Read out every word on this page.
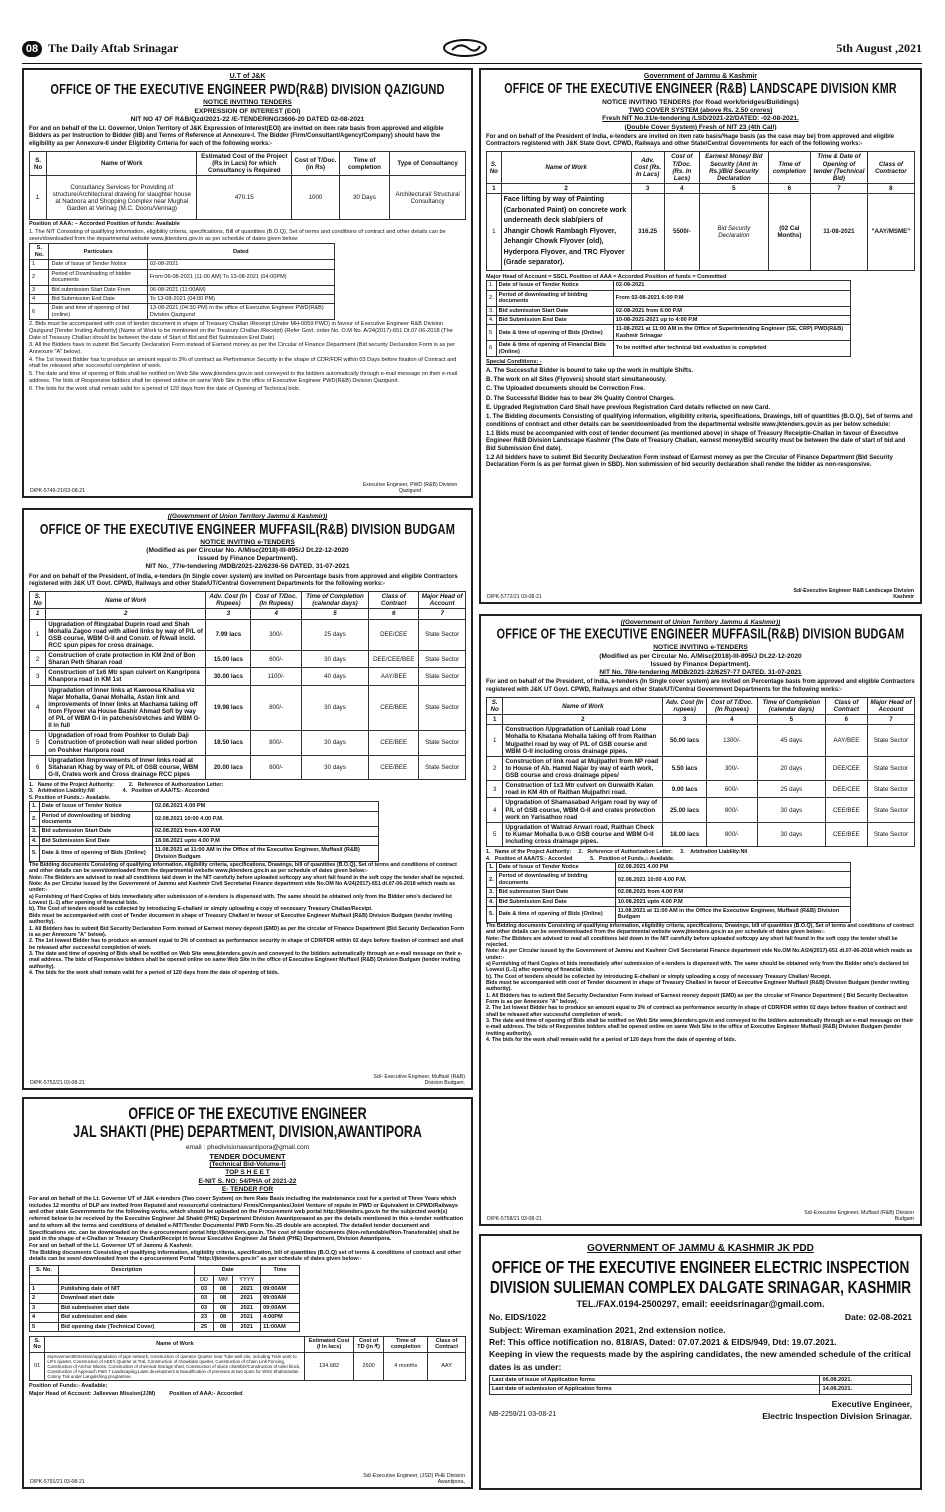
08 The Daily Aftab Srinagar	5th August ,2021
U.T of J&K
OFFICE OF THE EXECUTIVE ENGINEER PWD(R&B) DIVISION QAZIGUND
NOTICE INVITING TENDERS
EXPRESSION OF INTEREST (EOI)
NIT NO 47 OF R&B/Qzd/2021-22 /E-TENDERING/3606-20 DATED 02-08-2021
For and on behalf of the Lt. Governor, Union Territory of J&K Expression of Interest(EOI) are invited on item rate basis from approved and eligible Bidders as per Instruction to Bidder (IIB) and Terms of Reference at Annexure-I. The Bidder (Firm/Consultant/Agency/Company) should have the eligibility as per Annexure-II under Eligibility Criteria for each of the following works:-
S. No	Name of Work	Estimated Cost of the Project (Rs in Lacs) for which Consultancy is Required	Cost of T/Doc. (in Rs)	Time of completion	Type of Consultancy
1.	Consultancy Services for Providing of structure/Architectural drawing for slaughter house at Nadoora and Shopping Complex near Mughal Garden at Verinag (M.C. Dooru/Verinag)	470.15	1000	30 Days	Architectural/ Structural Consultancy
Position of AAA: – Accorded Position of funds: Available
1. The NIT Consisting of qualifying information, eligibility criteria, specifications, Bill of quantities (B.O.Q), Set of terms and conditions of contract and other details can be seen/downloaded from the departmental website www.jktenders.gov.in as per schedule of dates given below:
S. No.	Particulars	Dated
1	Date of Issue of Tender Notice	02-08-2021
2	Period of Downloading of bidder documents	From 06-08-2021 (11:00 AM) To 13-08-2021 (04:00PM)
3	Bid submission Start Date From	06-08-2021 (11:00AM)
4	Bid Submission End Date	To 13-08-2021 (04:00 PM)
6	Date and time of opening of bid (online)	13-08-2021 (04:30 PM) In the office of Executive Engineer PWD(R&B) Division Qazigund
2. Bids must be accompanied with cost of tender document in shape of Treasury Challan /Receipt (Under MH-0059 PWD) in favour of Executive Engineer R&B Division Qazigund [Tender Inviting Authority] (Name of Work to be mentioned on the Treasury Challan /Receipt) (Refer Govt. order No. O.M No. A/24(2017)-651 Dt.07-06-2018 (The Date of Treasury Challan should be between the date of Start of Bid and Bid Submission End Date).
3. All the Bidders have to submit Bid Security Declaration Form instead of Earnest money as per the Circular of Finance Department (Bid security Declaration Form is as per Annexure "A" below).
4. The 1st lowest Bidder has to produce an amount equal to 3% of contract as Performance Security in the shape of CDR/FDR within 03 Days before fixation of Contract and shall be released after successful completion of work.
5. The date and time of opening of Bids shall be notified on Web Site www.jktenders.gov.in and conveyed to the bidders automatically through e-mail message on their e-mail address. The bids of Responsive bidders shall be opened online on same Web Site in the office of Executive Engineer PWD(R&B) Division Qazigund.
6. The bids for the work shall remain valid for a period of 120 days from the date of Opening of Technical bids.
Executive Engineer, PWD (R&B) Division Qazigund
DIPK-5749-21/03-08-21
Government of Jammu & Kashmir
OFFICE OF THE EXECUTIVE ENGINEER (R&B) LANDSCAPE DIVISION KMR
NOTICE INVITING TENDERS (for Road work/bridges/Buildings)
TWO COVER SYSTEM (above Rs. 2.50 crores)
Fresh NIT No.31/e-tendering /LSD/2021-22/DATED: -02-08-2021.
(Double Cover System) Fresh of NIT 23 (4th Call)
For and on behalf of the President of India, e-tenders are invited on item rate basis/%age basis (as the case may be) from approved and eligible Contractors registered with J&K State Govt. CPWD, Railways and other State/Central Governments for each of the following works:-
S. No	Name of Work	Adv. Cost (Rs. In Lacs)	Cost of T/Doc. (Rs. In Lacs)	Earnest Money/ Bid Security (Amt in Rs.)/Bid Security Declaration	Time of completion	Time & Date of Opening of tender (Technical Bid)	Class of Contractor
1	2	3	4	5	6	7	8
1	Face lifting by way of Painting (Carbonated Paint) on concrete work underneath deck slab/piers of Jhangir Chowk Rambagh Flyover, Jehangir Chowk Flyover (old), Hyderpora Flyover, and TRC Flyover (Grade separator).	316.25	5500/-	Bid Security Declaration	(02 Cal Months)	11-08-2021	"AAY/MSME"
Major Head of Account = SSCL Position of AAA = Accorded Position of funds = Committed
1.	Date of Issue of Tender Notice	02-08-2021
2.	Period of downloading of bidding documents	From 02-08-2021 6:00 P.M
3.	Bid submission Start Date	02-08-2021 from 6:00 P.M
4.	Bid Submission End Date	10-08-2021-2021 up to 4:00 P.M
5	Date & time of opening of Bids (Online)	11-08-2021 at 11:00 AM in the Office of Superintending Engineer (SE, CRP) PWD(R&B) Kashmir Srinagar
6	Date & time of opening of Financial Bids (Online)	To be notified after technical bid evaluation is completed
Special Conditions: -
A. The Successful Bidder is bound to take up the work in multiple Shifts.
B. The work on all Sites (Flyovers) should start simultaneously.
C. The Uploaded documents should be Correction Free.
D. The Successful Bidder has to bear 3% Quality Control Charges.
E. Upgraded Registration Card Shall have previous Registration Card details reflected on new Card.
1. The Bidding documents Consisting of qualifying information, eligibility criteria, specifications, Drawings, bill of quantities (B.O.Q), Set of terms and conditions of contract and other details can be seen/downloaded from the departmental website www.jktenders.gov.in as per below schedule:
1.1 Bids must be accompanied with cost of tender document (as mentioned above) in shape of Treasury Receipt/e-Challan in favour of Executive Engineer R&B Division Landscape Kashmir (The Date of Treasury Challan, earnest money/Bid security must be between the date of start of bid and Bid Submission End date).
1.2 All bidders have to submit Bid Security Declaration Form instead of Earnest money as per the Circular of Finance Department (Bid Security Declaration Form is as per format given in SBD). Non submission of bid security declaration shall render the bidder as non-responsive.
Sd/-Executive Engineer R&B Landscape Division Kashmir
DIPK-5772/21 03-08-21
((Government of Union Territory Jammu & Kashmir))
OFFICE OF THE EXECUTIVE ENGINEER MUFFASIL(R&B) DIVISION BUDGAM
NOTICE INVITING e-TENDERS
(Modified as per Circular No. A/Misc(2018)-III-895/J Dt.22-12-2020
Issued by Finance Department).
NIT No._77/e-tendering /MDB/2021-22/6236-56 DATED. 31-07-2021
For and on behalf of the President, of India, e-tenders (In Single cover system) are invited on Percentage basis from approved and eligible Contractors registered with J&K UT Govt. CPWD, Railways and other State/UT/Central Government Departments for the following works:-
S. No	Name of Work	Adv. Cost (In Rupees)	Cost of T/Doc. (In Rupees)	Time of Completion (calendar days)	Class of Contract	Major Head of Account
1	2	3	4	5	6	7
1	Upgradation of Ringzabal Duprin road and Shah Mohalla Zagoo road with allied links by way of P/L of GSB course, WBM G-II and Constr. of R/wall incld. RCC spun pipes for cross drainage.	7.99 lacs	300/-	25 days	DEE/CEE	State Sector
2	Construction of crate protection in KM 2nd of Bon Sharan Peth Sharan road	15.00 lacs	600/-	30 days	DEE/CEE/BEE	State Sector
3	Construction of 1x6 Mtr span culvert on Kangripora Khanpora road in KM 1st	30.00 lacs	1100/-	40 days	AAY/BEE	State Sector
4	Upgradation of Inner links at Kawoosa Khalisa viz Najar Mohalla, Ganai Mohalla, Astan link and improvements of Inner links at Machama taking off from Flyover via House Bashir Ahmad Sofi by way of P/L of WBM G-I in patches/stretches and WBM G-II in full	19.98 lacs	800/-	30 days	CEE/BEE	State Sector
5	Upgradation of road from Poshker to Gulab Daji Construction of protection wall near slided portion on Poshker Haripora road	18.50 lacs	800/-	30 days	CEE/BEE	State Sector
6	Upgradation /Improvements of Inner links road at Sitaharan Khag by way of P/L of GSB course, WBM G-II, Crates work and Cross drainage RCC pipes	20.00 lacs	800/-	30 days	CEE/BEE	State Sector
1.   Name of the Project Authority:          2.   Reference of Authorization Letter:
3.   Arbitration Liability:Nil                   4.   Position of AAA/TS:- Accorded
5. Position of Funds.:- Available.
1.	Date of Issue of Tender Notice	02.08.2021 4.00 PM
2.	Period of downloading of bidding documents	02.08.2021 10:00 4.00 P.M.
3.	Bid submission Start Date	02.08.2021 from 4.00 P.M
4.	Bid Submission End Date	18.08.2021 upto 4.00 P.M
5.	Date & time of opening of Bids (Online)	11.08.2021 at 11:00 AM in the Office of the Executive Engineer, Muffasil (R&B) Division Budgam
The Bidding documents Consisting of qualifying information, eligibility criteria, specifications, Drawings, bill of quantities (B.O.Q), Set of terms and conditions of contract and other details can be seen/downloaded from the departmental website www.jktenders.gov.in as per schedule of dates given below:-
Note:-The Bidders are advised to read all conditions laid down in the NIT carefully before uploaded softcopy any short fall found in the soft copy the tender shall be rejected.
Note: As per Circular issued by the Government of Jammu and Kashmir Civil Secretariat Finance department vide No.OM No A/24(2017)-651 dt.07-06-2018 which reads as under:-
a) Furnishing of Hard Copies of bids immediately after submission of e-tenders is dispensed with. The same should be obtained only from the Bidder who's declared Ist Lowest (L-1) after opening of financial bids.
b). The Cost of tenders should be collected by introducing E-challan/ or simply uploading a copy of necessary Treasury Challan/Receipt.
Bids must be accompanied with cost of Tender document in shape of Treasury Challan/ in favour of Executive Engineer Muffasil (R&B) Division Budgam (tender inviting authority).
1. All Bidders has to submit Bid Security Declaration Form instead of Earnest money deposit (EMD) as per the circular of Finance Department (Bid Security Declaration Form is as per Annexure "A" below).
2. The 1st lowest Bidder has to produce an amount equal to 3% of contract as performance security in shape of CDR/FDR within 02 days before fixation of contract and shall be released after successful completion of work.
3. The date and time of opening of Bids shall be notified on Web Site www.jktenders.gov.in and conveyed to the bidders automatically through an e-mail message on their e-mail address. The bids of Responsive bidders shall be opened online on same Web Site in the office of Executive Engineer Muffasil (R&B) Division Budgam (tender inviting authority).
4. The bids for the work shall remain valid for a period of 120 days from the date of opening of bids.
Sd/- Executive Engineer, Muffasil (R&B) Division Budgam.
DIPK-5752/21 03-08-21
((Government of Union Territory Jammu & Kashmir))
OFFICE OF THE EXECUTIVE ENGINEER MUFFASIL(R&B) DIVISION BUDGAM
NOTICE INVITING e-TENDERS
(Modified as per Circular No. A/Misc(2018)-III-895/J Dt.22-12-2020
Issued by Finance Department).
NIT No. 78/e-tendering /MDB/2021-22/6257-77 DATED. 31-07-2021
For and on behalf of the President, of India, e-tenders (In Single cover system) are invited on Percentage basis from approved and eligible Contractors registered with J&K UT Govt. CPWD, Railways and other State/UT/Central Government Departments for the following works:-
S. No	Name of Work	Adv. Cost (In rupees)	Cost of T/Doc. (In Rupees)	Time of Completion (calendar days)	Class of Contract	Major Head of Account
1	2	3	4	5	6	7
1	Construction /Upgradation of Lanilab road Lone Mohalla to Khatana Mohalla taking off from Raithan Mujpathri road by way of P/L of GSB course and WBM G-II including cross drainage pipes.	50.00 lacs	1300/-	45 days	AAY/BEE	State Sector
2	Construction of link road at Mujipathri from NP road to House of Ab. Hamid Najar by way of earth work, GSB course and cross drainage pipes/	5.50 lacs	300/-	20 days	DEE/CEE	State Sector
3	Construction of 1x3 Mtr culvert on Gurwaith Kalan road in KM 4th of Raithan Mujpathri road.	9.00 lacs	600/-	25 days	DEE/CEE	State Sector
4	Upgradation of Shamasabad Arigam road by way of P/L of GSB course, WBM G-II and crates protection work on Yarisathoo road	25.00 lacs	800/-	30 days	CEE/BEE	State Sector
5	Upgradation of Watrad Arwari road, Raithan Check to Kumar Mohalla b.w.o GSB course and WBM G-II including cross drainage pipes.	18.00 lacs	800/-	30 days	CEE/BEE	State Sector
1.   Name of the Project Authority:     2.   Reference of Authorization Letter:     3.    Arbitration Liability:Nil
4.   Position of AAA/TS:- Accorded            5.   Position of Funds.:- Available.
1.	Date of Issue of Tender Notice	02.08.2021 4.00 PM
2.	Period of downloading of bidding documents	02.08.2021 10:00 4.00 P.M.
3.	Bid submission Start Date	02.08.2021 from 4.00 P.M
4.	Bid Submission End Date	10.08.2021 upto 4.00 P.M
5.	Date & time of opening of Bids (Online)	11.08.2021 at 11:00 AM in the Office the Executive Engineer, Muffasil (R&B) Division Budgam
The Bidding documents Consisting of qualifying information, eligibility criteria, specifications, Drawings, bill of quantities (B.O.Q), Set of terms and conditions of contract and other details can be seen/downloaded from the departmental website www.jktenders.gov.in as per schedule of dates given below:-
Note:-The Bidders are advised to read all conditions laid down in the NIT carefully before uploaded softcopy any short fall found in the soft copy the tender shall be rejected.
Note: As per Circular issued by the Government of Jammu and Kashmir Civil Secretariat Finance department vide No.OM No.A/24(2017)-651 dt.07-06-2018 which reads as under:-
a) Furnishing of Hard Copies of bids immediately after submission of e-tenders is dispensed with. The same should be obtained only from the Bidder who's declared Ist Lowest (L-1) after opening of financial bids.
b). The Cost of tenders should be collected by introducing E-challan/ or simply uploading a copy of necessary Treasury Challan/ Receipt.
Bids must be accompanied with cost of Tender document in shape of Treasury Challan/ in favour of Executive Engineer Muffasil (R&B) Division Budgam (tender inviting authority).
1. All Bidders has to submit Bid Security Declaration Form instead of Earnest money deposit (EMD) as per the circular of Finance Department ( Bid Security Declaration Form is as per Annexure "A" below).
2. The 1st lowest Bidder has to produce an amount equal to 3% of contract as performance security in shape of CDR/FDR within 02 days before fixation of contract and shall be released after successful completion of work.
3. The date and time of opening of Bids shall be notified on Web Site www.jktenders.gov.in and conveyed to the bidders automatically through an e-mail message on their e-mail address. The bids of Responsive bidders shall be opened online on same Web Site in the office of Executive Engineer Muffasil (R&B) Division Budgam (tender inviting authority).
4. The bids for the work shall remain valid for a period of 120 days from the date of opening of bids.
Sd/-Executive Engineer, Muffasil (R&B) Division Budgam
DIPK-5758/21 03-08-21
OFFICE OF THE EXECUTIVE ENGINEER
JAL SHAKTI (PHE) DEPARTMENT, DIVISION,AWANTIPORA
email : phedivisionawantipora@gmail.com
TENDER DOCUMENT
(Technical Bid-Volume-I)
TOP S H E E T
E-NIT S. NO: 54/PHA of 2021-22
E- TENDER FOR
For and on behalf of the Lt. Governor UT of J&K e-tenders (Two cover System) on Item Rate Basis including the maintenance cost for a period of Three Years which includes 12 months of DLP are invited from Reputed and resourceful contractors/ Firms/Companies/Joint Venture of repute in PWD or Equivalent in CPWD/Railways and other state Governments for the following works, which should be uploaded on the Procurement web portal http://jktenders.gov.in for the subjected work(s) referred below to be received by the Executive Engineer Jal Shakti (PHE) Department Division Awantiporaand as per the details mentioned in this e-tender notification and to whom all the terms and conditions of detailed e-NIT/Tender Documents/ PWD Form No.-25 double are accepted. The detailed tender document and Specifications etc. can be downloaded on the e-procurement portal http://jktenders.gov.in. The cost of tender documents (Non-refundable/Non-Transferable) shall be paid in the shape of e-Challan or Treasury Challan/Receipt in favour Executive Engineer Jal Shakti (PHE) Department, Division Awantipora.
For and on behalf of the Lt. Governor UT of Jammu & Kashmir.
The Bidding documents Consisting of qualifying information, eligibility criteria, specification, bill of quantities (B.O.Q) set of terms & conditions of contract and other details can be seen/ downloaded from the e-procurement Portal "http://jktenders.gov.in" as per schedule of dates given below:-
S. No.	Description	Date			Time
		DD	MM	YYYY	
1	Publishing date of NIT	03	08	2021	09:00AM
2	Download start date	03	08	2021	09:00AM
3	Bid submission start date	03	08	2021	09:00AM
4	Bid submission end date	23	08	2021	4:00PM
5	Bid opening date (Technical Cover)	25	08	2021	11:00AM
S. No	Name of Work	Estimated Cost (I In lacs)	Cost of TD (in ₹)	Time of completion	Class of Contract
01	Improvement/Extention/upgradation of pipe network, construction of operator Quarter near Tube well site, including Train work to LR's quarter, Construction of AEE's Quarter at Tral, Construction of chowkidar quarter, Construction of Chain Link Fencing, Construction of Anchor Blocks, Construction of chemical Storage shed, Construction of sluice chamber/Construction of toilet block, Construction of Approach Path 7 Landscaping,Lawn development & beautification of premises at two spots for WSS Shahmardan Colony Tral under Langalshing programme.	134.682	2600	4 months	AAY
Position of Funds:- Available;
Major Head of Account: Jalleevan Mission(JJM)         Position of AAA:- Accorded
Sd/-Executive Engineer, (JSD) PHE Division Awantipora,
DIPK-5791/21 03-08-21
GOVERNMENT OF JAMMU & KASHMIR JK PDD
OFFICE OF THE EXECUTIVE ENGINEER ELECTRIC INSPECTION
DIVISION SULIEMAN COMPLEX DALGATE SRINAGAR, KASHMIR
TEL./FAX.0194-2500297, email: eeeidsrinagar@gmail.com.
No. EIDS/1022	Date: 02-08-2021
Subject: Wireman examination 2021, 2nd extension notice.
Ref: This office notification no. 818/AS, Dated: 07.07.2021 & EIDS/949, Dtd: 19.07.2021.
Keeping in view the requests made by the aspiring candidates, the new amended schedule of the critical dates is as under:
Last date of issue of Application forms	06.08.2021.
Last date of submission of Application forms	14.08.2021.
Executive Engineer,
NB-2259/21 03-08-21	Electric Inspection Division Srinagar.
